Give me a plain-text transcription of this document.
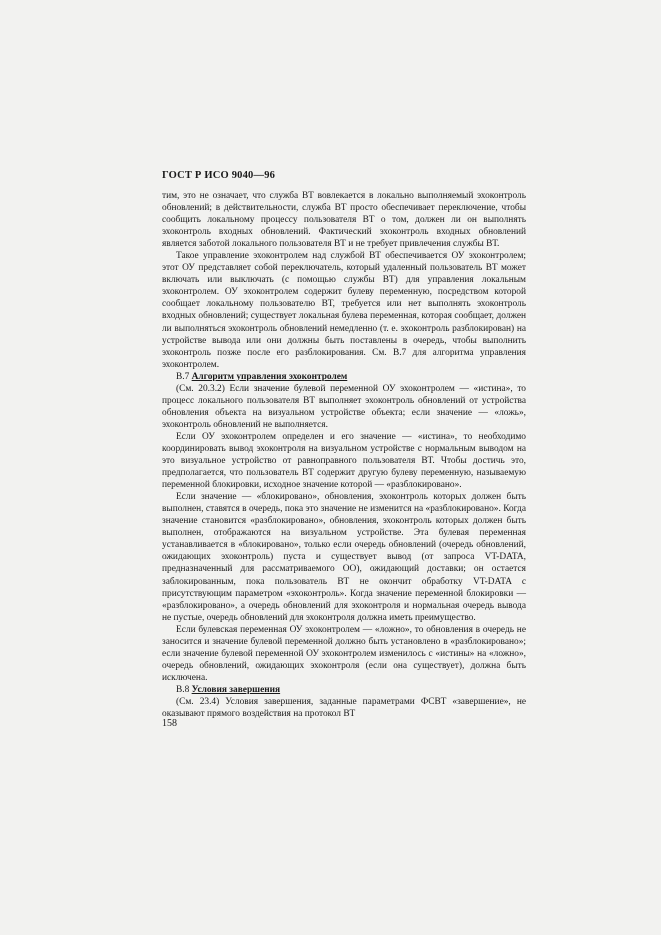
ГОСТ Р ИСО 9040—96

тим, это не означает, что служба ВТ вовлекается в локально выполняемый эхоконтроль обновлений; в действительности, служба ВТ просто обеспечивает переключение, чтобы сообщить локальному процессу пользователя ВТ о том, должен ли он выполнять эхоконтроль входных обновлений. Фактический эхоконтроль входных обновлений является заботой локального пользователя ВТ и не требует привлечения службы ВТ.

Такое управление эхоконтролем над службой ВТ обеспечивается ОУ эхоконтролем; этот ОУ представляет собой переключатель, который удаленный пользователь ВТ может включать или выключать (с помощью службы ВТ) для управления локальным эхоконтролем. ОУ эхоконтролем содержит булеву переменную, посредством которой сообщает локальному пользователю ВТ, требуется или нет выполнять эхоконтроль входных обновлений; существует локальная булева переменная, которая сообщает, должен ли выполняться эхоконтроль обновлений немедленно (т. е. эхоконтроль разблокирован) на устройстве вывода или они должны быть поставлены в очередь, чтобы выполнить эхоконтроль позже после его разблокирования. См. В.7 для алгоритма управления эхоконтролем.

В.7 Алгоритм управления эхоконтролем

(См. 20.3.2) Если значение булевой переменной ОУ эхоконтролем — «истина», то процесс локального пользователя ВТ выполняет эхоконтроль обновлений от устройства обновления объекта на визуальном устройстве объекта; если значение — «ложь», эхоконтроль обновлений не выполняется.

Если ОУ эхоконтролем определен и его значение — «истина», то необходимо координировать вывод эхоконтроля на визуальном устройстве с нормальным выводом на это визуальное устройство от равноправного пользователя ВТ. Чтобы достичь это, предполагается, что пользователь ВТ содержит другую булеву переменную, называемую переменной блокировки, исходное значение которой — «разблокировано».

Если значение — «блокировано», обновления, эхоконтроль которых должен быть выполнен, ставятся в очередь, пока это значение не изменится на «разблокировано». Когда значение становится «разблокировано», обновления, эхоконтроль которых должен быть выполнен, отображаются на визуальном устройстве. Эта булевая переменная устанавливается в «блокировано», только если очередь обновлений (очередь обновлений, ожидающих эхоконтроль) пуста и существует вывод (от запроса VT-DATA, предназначенный для рассматриваемого ОО), ожидающий доставки; он остается заблокированным, пока пользователь ВТ не окончит обработку VT-DATA с присутствующим параметром «эхоконтроль». Когда значение переменной блокировки — «разблокировано», а очередь обновлений для эхоконтроля и нормальная очередь вывода не пустые, очередь обновлений для эхоконтроля должна иметь преимущество.

Если булевская переменная ОУ эхоконтролем — «ложно», то обновления в очередь не заносится и значение булевой переменной должно быть установлено в «разблокировано»; если значение булевой переменной ОУ эхоконтролем изменилось с «истины» на «ложно», очередь обновлений, ожидающих эхоконтроля (если она существует), должна быть исключена.

В.8 Условия завершения

(См. 23.4) Условия завершения, заданные параметрами ФСВТ «завершение», не оказывают прямого воздействия на протокол ВТ

158
